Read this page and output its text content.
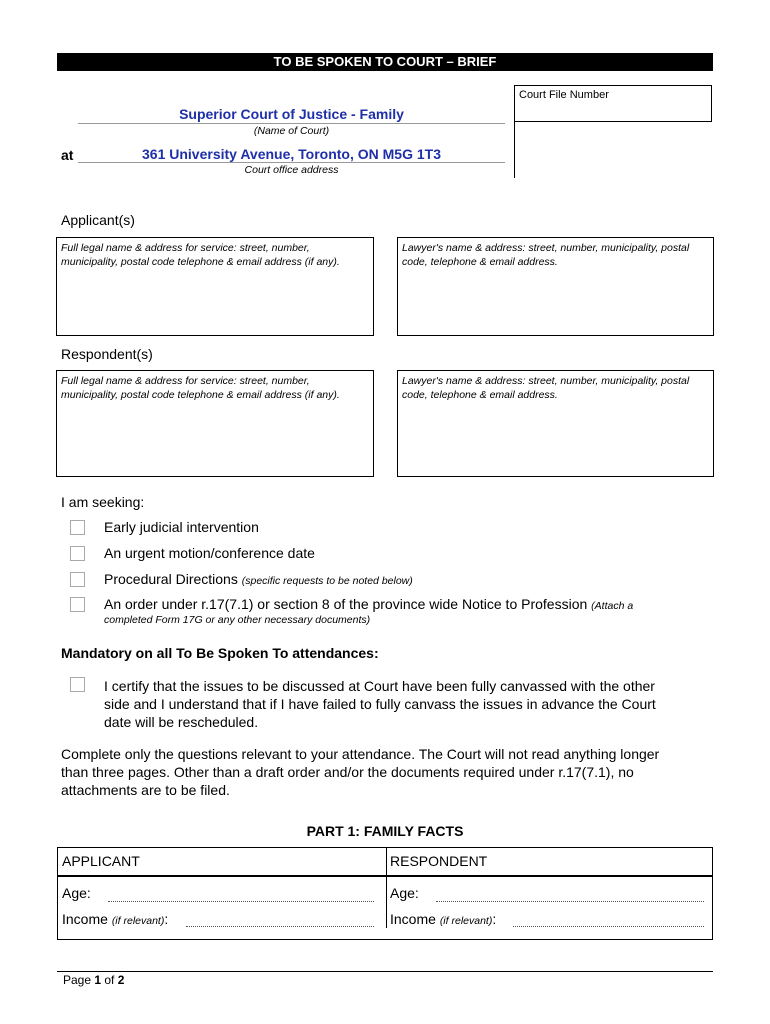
TO BE SPOKEN TO COURT – BRIEF
Court File Number
Superior Court of Justice - Family
(Name of Court)
at	361 University Avenue, Toronto, ON M5G 1T3
Court office address
Applicant(s)
Full legal name & address for service: street, number, municipality, postal code telephone & email address (if any).
Lawyer's name & address: street, number, municipality, postal code, telephone & email address.
Respondent(s)
Full legal name & address for service: street, number, municipality, postal code telephone & email address (if any).
Lawyer's name & address: street, number, municipality, postal code, telephone & email address.
I am seeking:
Early judicial intervention
An urgent motion/conference date
Procedural Directions (specific requests to be noted below)
An order under r.17(7.1) or section 8 of the province wide Notice to Profession (Attach a
completed Form 17G or any other necessary documents)
Mandatory on all To Be Spoken To attendances:
I certify that the issues to be discussed at Court have been fully canvassed with the other
side and I understand that if I have failed to fully canvass the issues in advance the Court
date will be rescheduled.
Complete only the questions relevant to your attendance. The Court will not read anything longer
than three pages. Other than a draft order and/or the documents required under r.17(7.1), no
attachments are to be filed.
PART 1: FAMILY FACTS
APPLICANT	RESPONDENT
Age:	Age:
Income (if relevant):	Income (if relevant):
Page 1 of 2
